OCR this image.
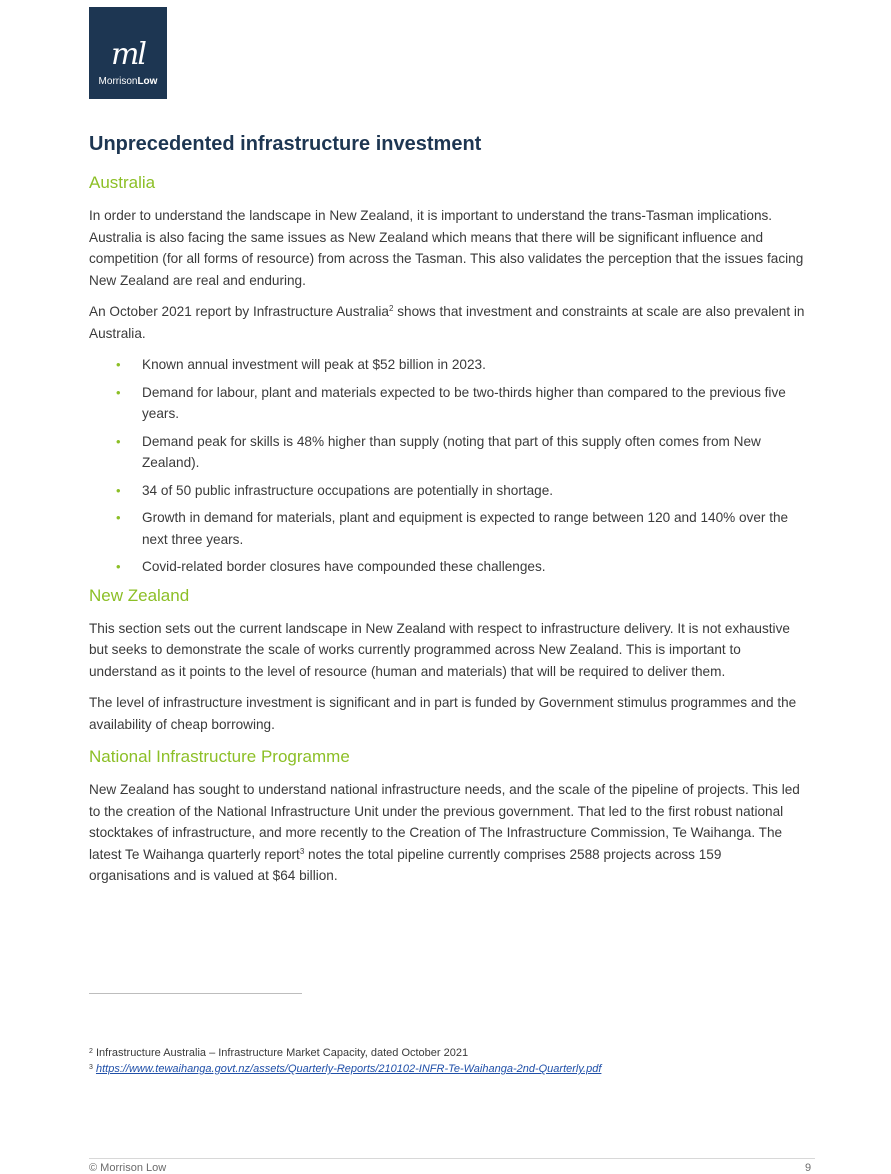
ml
MorrisonLow
Unprecedented infrastructure investment
Australia

In order to understand the landscape in New Zealand, it is important to understand the trans-Tasman implications. Australia is also facing the same issues as New Zealand which means that there will be significant influence and competition (for all forms of resource) from across the Tasman. This also validates the perception that the issues facing New Zealand are real and enduring.

An October 2021 report by Infrastructure Australia$^2$ shows that investment and constraints at scale are also prevalent in Australia.

• Known annual investment will peak at $52 billion in 2023.
• Demand for labour, plant and materials expected to be two-thirds higher than compared to the previous five years.
• Demand peak for skills is 48% higher than supply (noting that part of this supply often comes from New Zealand).
• 34 of 50 public infrastructure occupations are potentially in shortage.
• Growth in demand for materials, plant and equipment is expected to range between 120 and 140% over the next three years.
• Covid-related border closures have compounded these challenges.
New Zealand

This section sets out the current landscape in New Zealand with respect to infrastructure delivery. It is not exhaustive but seeks to demonstrate the scale of works currently programmed across New Zealand. This is important to understand as it points to the level of resource (human and materials) that will be required to deliver them.

The level of infrastructure investment is significant and in part is funded by Government stimulus programmes and the availability of cheap borrowing.

National Infrastructure Programme

New Zealand has sought to understand national infrastructure needs, and the scale of the pipeline of projects. This led to the creation of the National Infrastructure Unit under the previous government. That led to the first robust national stocktakes of infrastructure, and more recently to the Creation of The Infrastructure Commission, Te Waihanga. The latest Te Waihanga quarterly report$^3$ notes the total pipeline currently comprises 2588 projects across 159 organisations and is valued at $64 billion.

$^2$ Infrastructure Australia – Infrastructure Market Capacity, dated October 2021
$^3$ https://www.tewaihanga.govt.nz/assets/Quarterly-Reports/210102-INFR-Te-Waihanga-2nd-Quarterly.pdf
© Morrison Low	9
